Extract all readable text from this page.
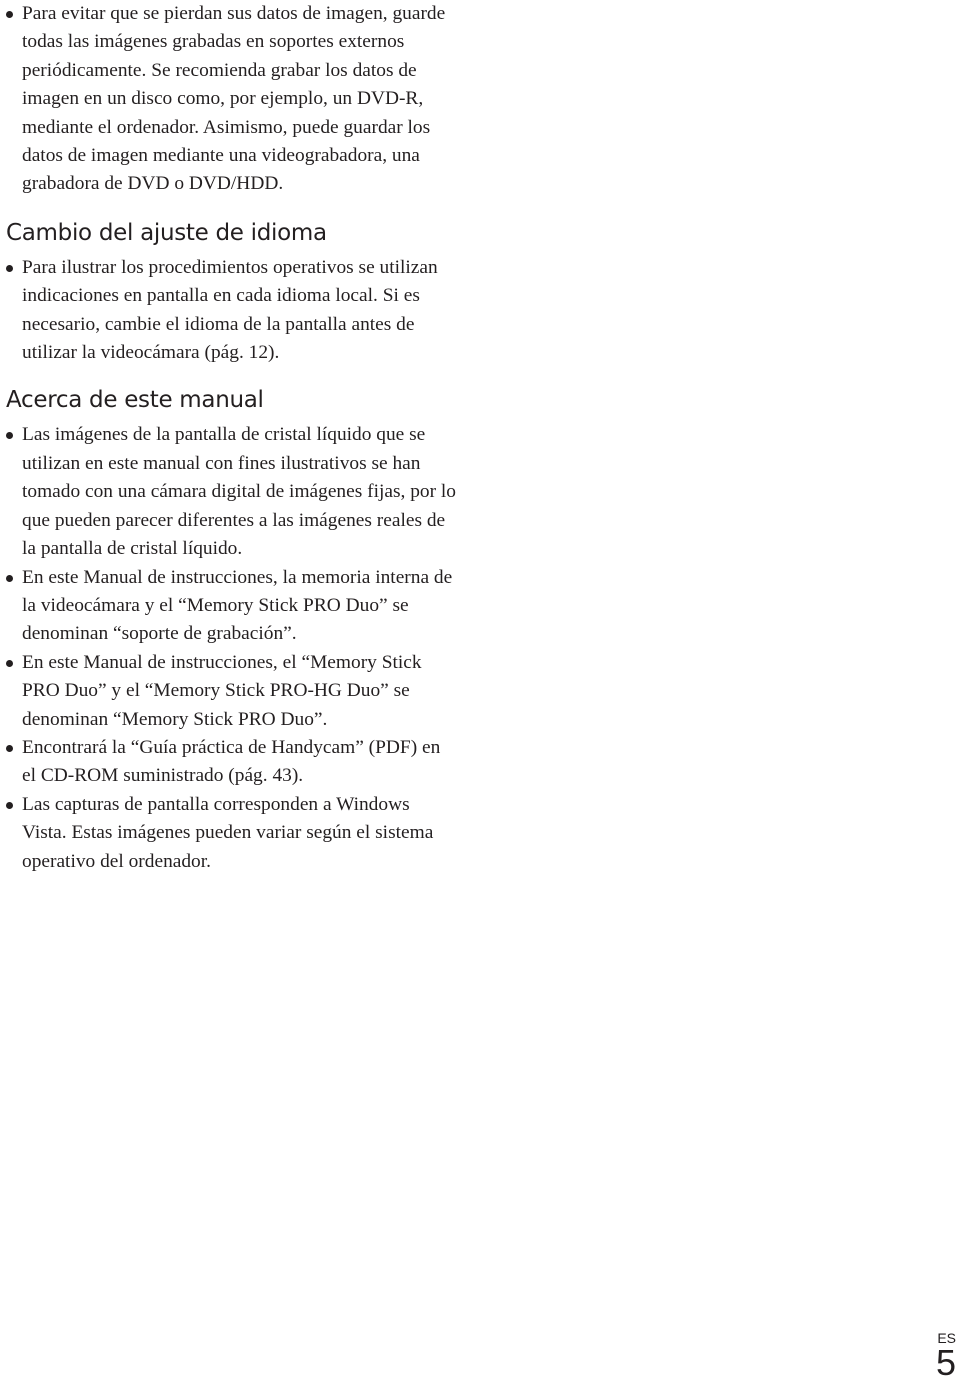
Para evitar que se pierdan sus datos de imagen, guarde todas las imágenes grabadas en soportes externos periódicamente. Se recomienda grabar los datos de imagen en un disco como, por ejemplo, un DVD-R, mediante el ordenador. Asimismo, puede guardar los datos de imagen mediante una videograbadora, una grabadora de DVD o DVD/HDD.
Cambio del ajuste de idioma
Para ilustrar los procedimientos operativos se utilizan indicaciones en pantalla en cada idioma local. Si es necesario, cambie el idioma de la pantalla antes de utilizar la videocámara (pág. 12).
Acerca de este manual
Las imágenes de la pantalla de cristal líquido que se utilizan en este manual con fines ilustrativos se han tomado con una cámara digital de imágenes fijas, por lo que pueden parecer diferentes a las imágenes reales de la pantalla de cristal líquido.
En este Manual de instrucciones, la memoria interna de la videocámara y el “Memory Stick PRO Duo” se denominan “soporte de grabación”.
En este Manual de instrucciones, el “Memory Stick PRO Duo” y el “Memory Stick PRO-HG Duo” se denominan “Memory Stick PRO Duo”.
Encontrará la “Guía práctica de Handycam” (PDF) en el CD-ROM suministrado (pág. 43).
Las capturas de pantalla corresponden a Windows Vista. Estas imágenes pueden variar según el sistema operativo del ordenador.
ES
5
